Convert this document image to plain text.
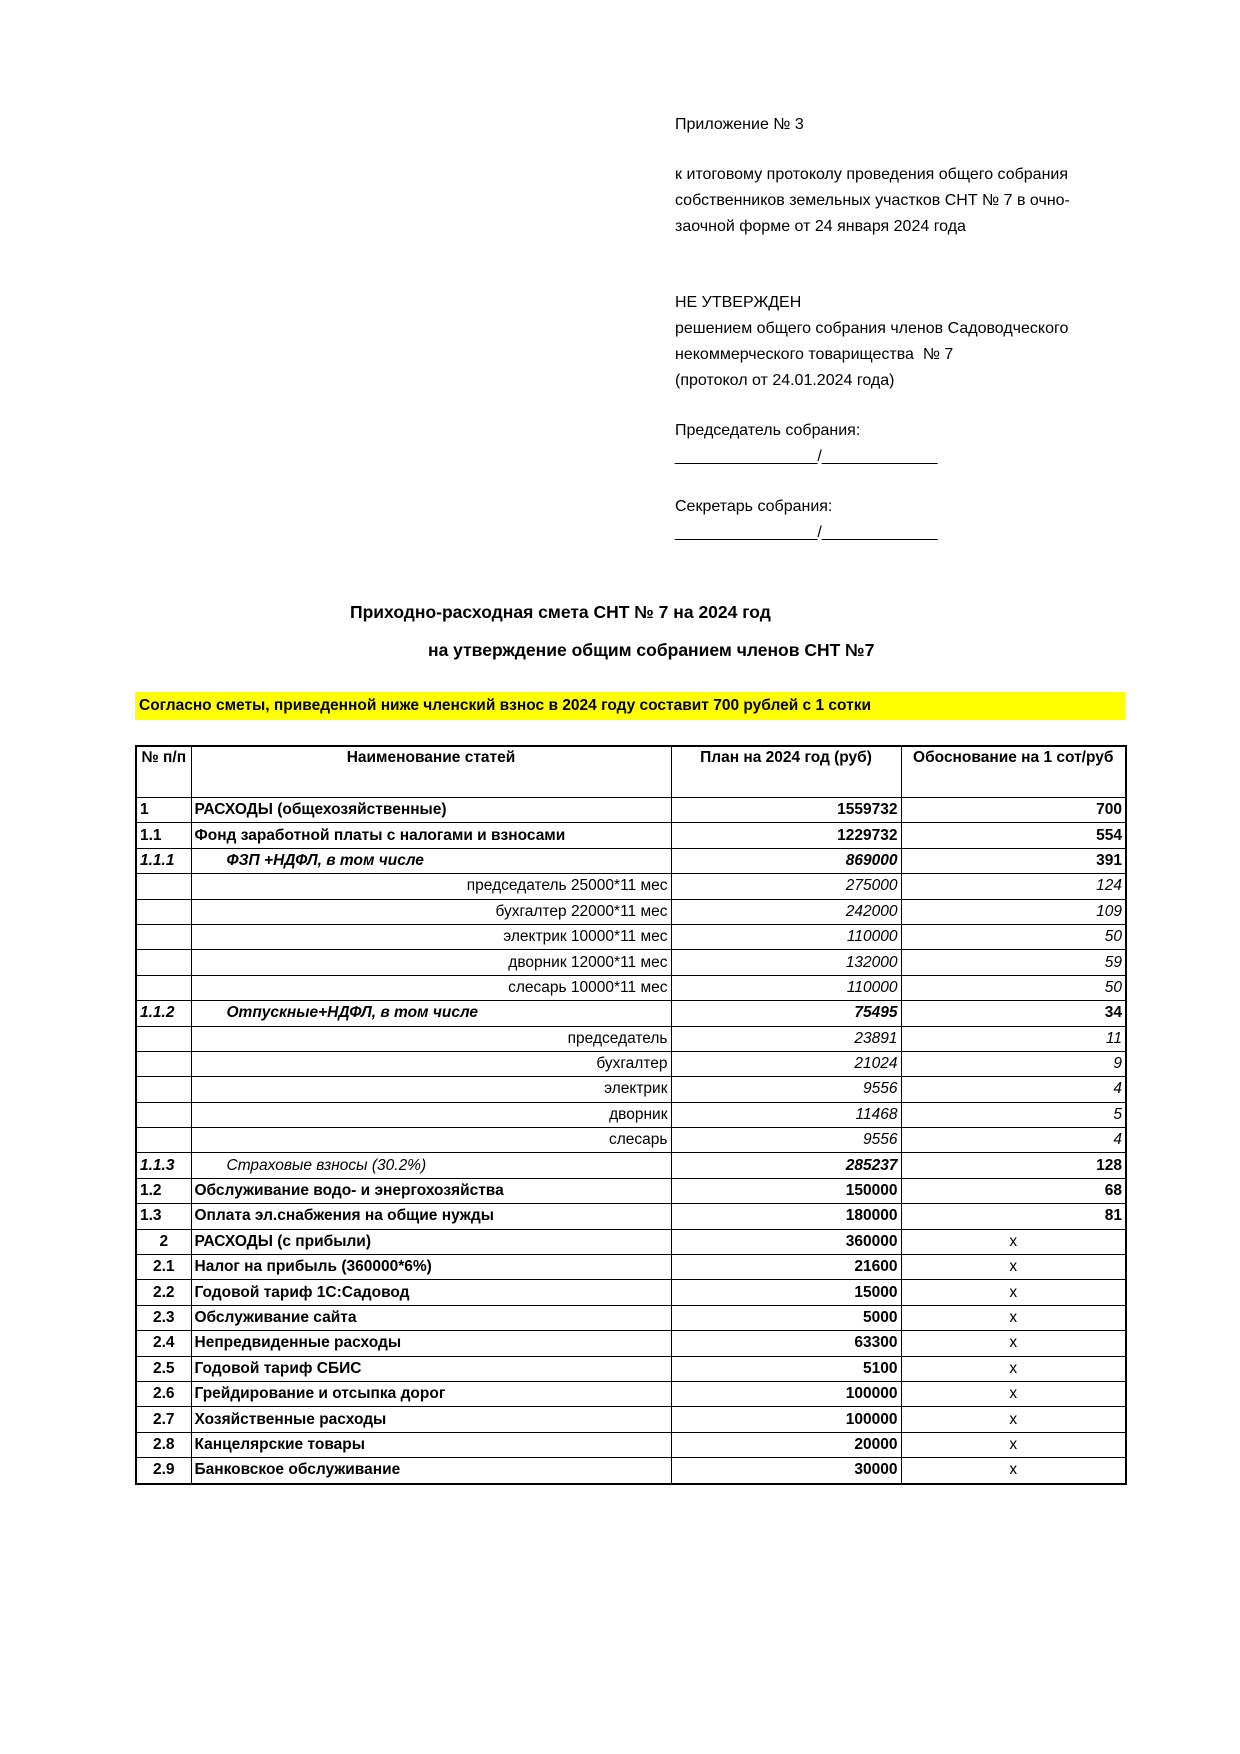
Приложение № 3

к итоговому протоколу проведения общего собрания

собственников земельных участков СНТ № 7 в очно-

заочной форме от 24 января 2024 года

НЕ УТВЕРЖДЕН

решением общего собрания членов Садоводческого

некоммерческого товарищества  № 7

(протокол от 24.01.2024 года)

Председатель собрания:

________________/_____________

Секретарь собрания:

________________/_____________

Приходно-расходная смета СНТ № 7 на 2024 год
на утверждение общим собранием членов СНТ №7
Согласно сметы, приведенной ниже членский взнос в 2024 году составит 700 рублей с 1 сотки
№ п/п	Наименование статей	План на 2024 год (руб)	Обоснование на 1 сот/руб
1	РАСХОДЫ (общехозяйственные)	1559732	700
1.1	Фонд заработной платы с налогами и взносами	1229732	554
1.1.1	ФЗП +НДФЛ, в том числе	869000	391
	председатель 25000*11 мес	275000	124
	бухгалтер 22000*11 мес	242000	109
	электрик 10000*11 мес	110000	50
	дворник 12000*11 мес	132000	59
	слесарь 10000*11 мес	110000	50
1.1.2	Отпускные+НДФЛ, в том числе	75495	34
	председатель	23891	11
	бухгалтер	21024	9
	электрик	9556	4
	дворник	11468	5
	слесарь	9556	4
1.1.3	Страховые взносы (30.2%)	285237	128
1.2	Обслуживание водо- и энергохозяйства	150000	68
1.3	Оплата эл.снабжения на общие нужды	180000	81
2	РАСХОДЫ (с прибыли)	360000	x
2.1	Налог на прибыль (360000*6%)	21600	x
2.2	Годовой тариф 1С:Садовод	15000	x
2.3	Обслуживание сайта	5000	x
2.4	Непредвиденные расходы	63300	x
2.5	Годовой тариф СБИС	5100	x
2.6	Грейдирование и отсыпка дорог	100000	x
2.7	Хозяйственные расходы	100000	x
2.8	Канцелярские товары	20000	x
2.9	Банковское обслуживание	30000	x
